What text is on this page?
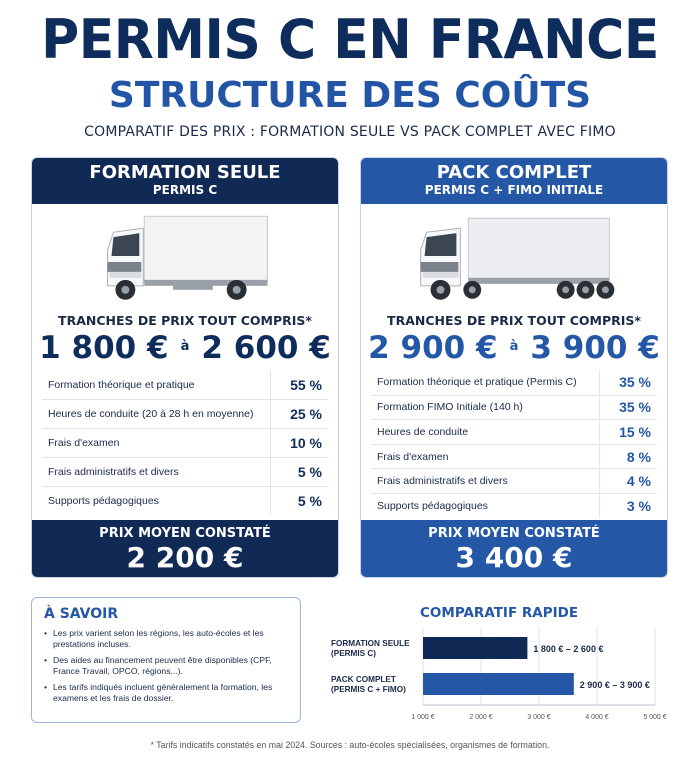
PERMIS C EN FRANCE
STRUCTURE DES COÛTS
COMPARATIF DES PRIX : FORMATION SEULE VS PACK COMPLET AVEC FIMO
FORMATION SEULE
PERMIS C
TRANCHES DE PRIX TOUT COMPRIS*
1 800 € à 2 600 €
Formation théorique et pratique	55 %
Heures de conduite (20 à 28 h en moyenne)	25 %
Frais d'examen	10 %
Frais administratifs et divers	5 %
Supports pédagogiques	5 %
PRIX MOYEN CONSTATÉ
2 200 €
PACK COMPLET
PERMIS C + FIMO INITIALE
TRANCHES DE PRIX TOUT COMPRIS*
2 900 € à 3 900 €
Formation théorique et pratique (Permis C)	35 %
Formation FIMO Initiale (140 h)	35 %
Heures de conduite	15 %
Frais d'examen	8 %
Frais administratifs et divers	4 %
Supports pédagogiques	3 %
PRIX MOYEN CONSTATÉ
3 400 €
À SAVOIR
• Les prix varient selon les régions, les auto-écoles et les prestations incluses.
• Des aides au financement peuvent être disponibles (CPF, France Travail, OPCO, régions...).
• Les tarifs indiqués incluent généralement la formation, les examens et les frais de dossier.
COMPARATIF RAPIDE
1 000 €	2 000 €	3 000 €	4 000 €	5 000 €
FORMATION SEULE
(PERMIS C)	1 800 € – 2 600 €
PACK COMPLET
(PERMIS C + FIMO)	2 900 € – 3 900 €
* Tarifs indicatifs constatés en mai 2024. Sources : auto-écoles spécialisées, organismes de formation.
